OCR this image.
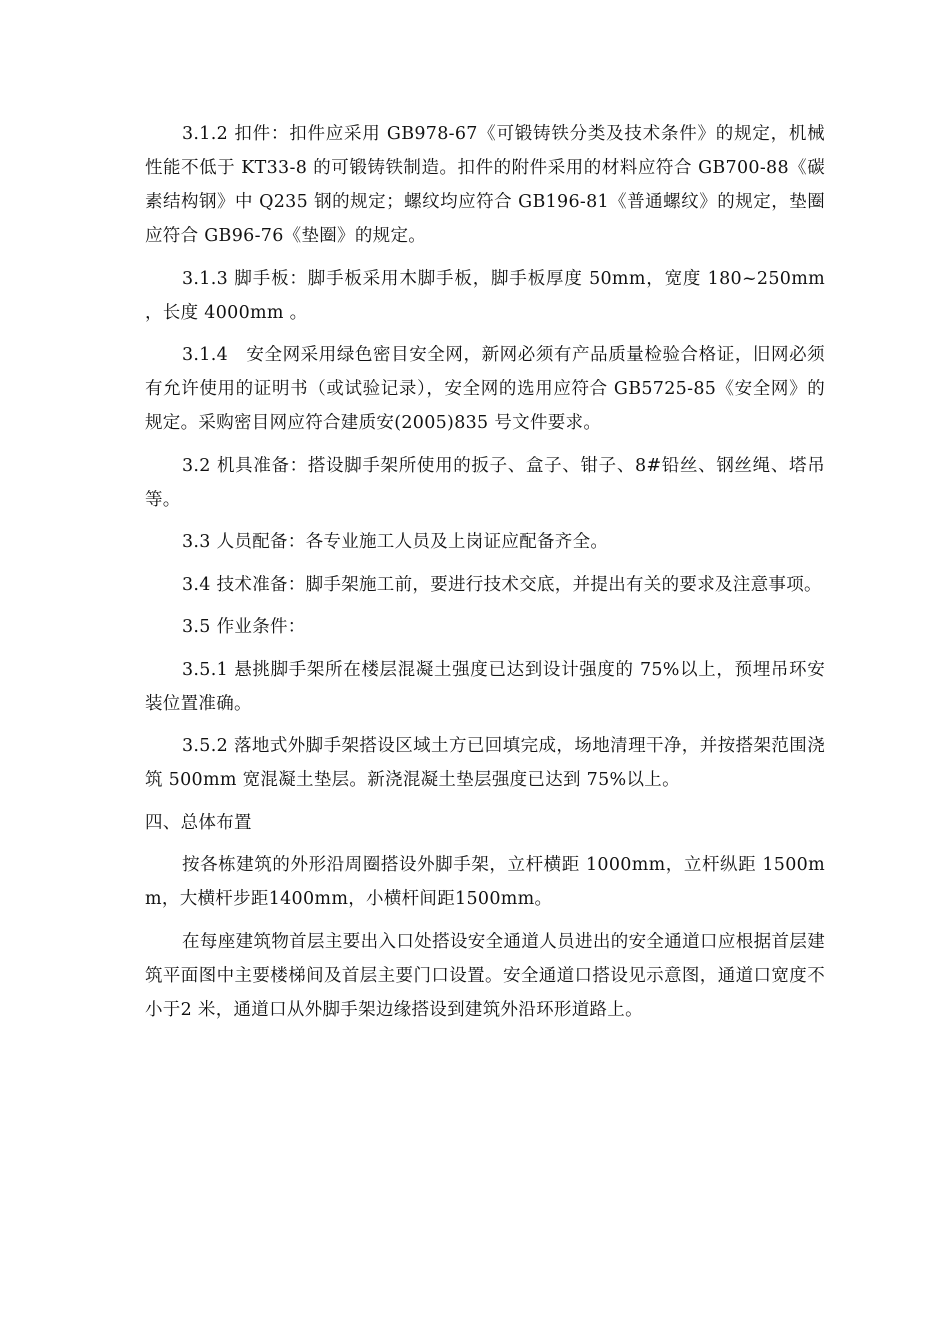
3.1.2 扣件：扣件应采用 GB978-67《可锻铸铁分类及技术条件》的规定，机械性能不低于 KT33-8 的可锻铸铁制造。扣件的附件采用的材料应符合 GB700-88《碳素结构钢》中 Q235 钢的规定；螺纹均应符合 GB196-81《普通螺纹》的规定，垫圈应符合 GB96-76《垫圈》的规定。

3.1.3 脚手板：脚手板采用木脚手板，脚手板厚度 50mm，宽度 180~250mm ，长度 4000mm 。

3.1.4　安全网采用绿色密目安全网，新网必须有产品质量检验合格证，旧网必须有允许使用的证明书（或试验记录），安全网的选用应符合 GB5725-85《安全网》的规定。采购密目网应符合建质安(2005)835 号文件要求。

3.2 机具准备：搭设脚手架所使用的扳子、盒子、钳子、8#铅丝、钢丝绳、塔吊等。

3.3 人员配备：各专业施工人员及上岗证应配备齐全。

3.4 技术准备：脚手架施工前，要进行技术交底，并提出有关的要求及注意事项。

3.5 作业条件：

3.5.1 悬挑脚手架所在楼层混凝土强度已达到设计强度的 75%以上，预埋吊环安装位置准确。

3.5.2 落地式外脚手架搭设区域土方已回填完成，场地清理干净，并按搭架范围浇筑 500mm 宽混凝土垫层。新浇混凝土垫层强度已达到 75%以上。

四、总体布置

按各栋建筑的外形沿周圈搭设外脚手架，立杆横距 1000mm，立杆纵距 1500mm，大横杆步距1400mm，小横杆间距1500mm。

在每座建筑物首层主要出入口处搭设安全通道人员进出的安全通道口应根据首层建筑平面图中主要楼梯间及首层主要门口设置。安全通道口搭设见示意图，通道口宽度不小于2 米，通道口从外脚手架边缘搭设到建筑外沿环形道路上。
